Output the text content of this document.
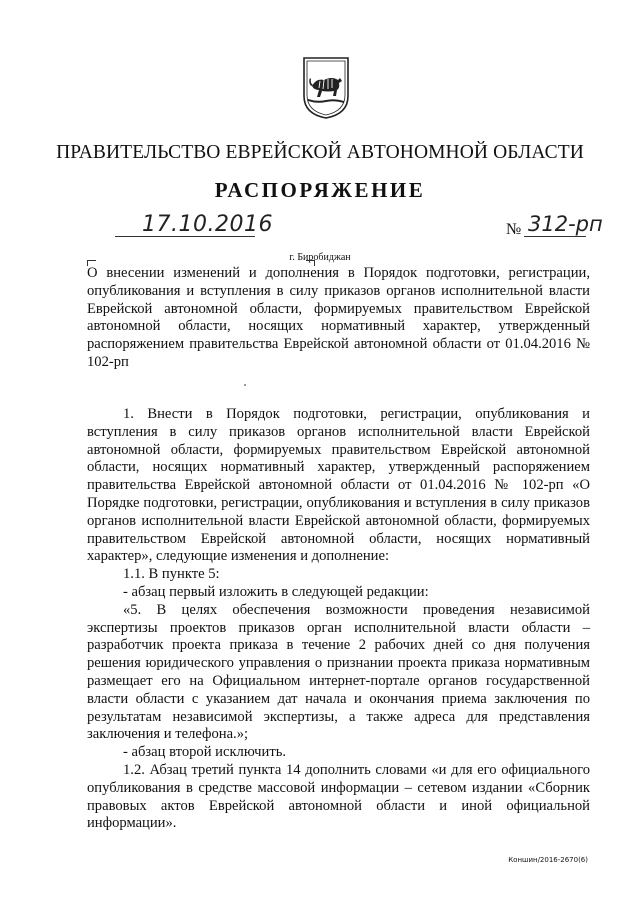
ПРАВИТЕЛЬСТВО ЕВРЕЙСКОЙ АВТОНОМНОЙ ОБЛАСТИ
РАСПОРЯЖЕНИЕ
17.10.2016	№ 312-рп
г. Биробиджан
О внесении изменений и дополнения в Порядок подготовки, регистрации, опубликования и вступления в силу приказов органов исполнительной власти Еврейской автономной области, формируемых правительством Еврейской автономной области, носящих нормативный характер, утвержденный распоряжением правительства Еврейской автономной области от 01.04.2016 № 102-рп

1. Внести в Порядок подготовки, регистрации, опубликования и вступления в силу приказов органов исполнительной власти Еврейской автономной области, формируемых правительством Еврейской автономной области, носящих нормативный характер, утвержденный распоряжением правительства Еврейской автономной области от 01.04.2016 № 102-рп «О Порядке подготовки, регистрации, опубликования и вступления в силу приказов органов исполнительной власти Еврейской автономной области, формируемых правительством Еврейской автономной области, носящих нормативный характер», следующие изменения и дополнение:

1.1. В пункте 5:

- абзац первый изложить в следующей редакции:

«5. В целях обеспечения возможности проведения независимой экспертизы проектов приказов орган исполнительной власти области – разработчик проекта приказа в течение 2 рабочих дней со дня получения решения юридического управления о признании проекта приказа нормативным размещает его на Официальном интернет-портале органов государственной власти области с указанием дат начала и окончания приема заключения по результатам независимой экспертизы, а также адреса для представления заключения и телефона.»;

- абзац второй исключить.

1.2. Абзац третий пункта 14 дополнить словами «и для его официального опубликования в средстве массовой информации – сетевом издании «Сборник правовых актов Еврейской автономной области и иной официальной информации».

Коншин/2016-2670(6)
